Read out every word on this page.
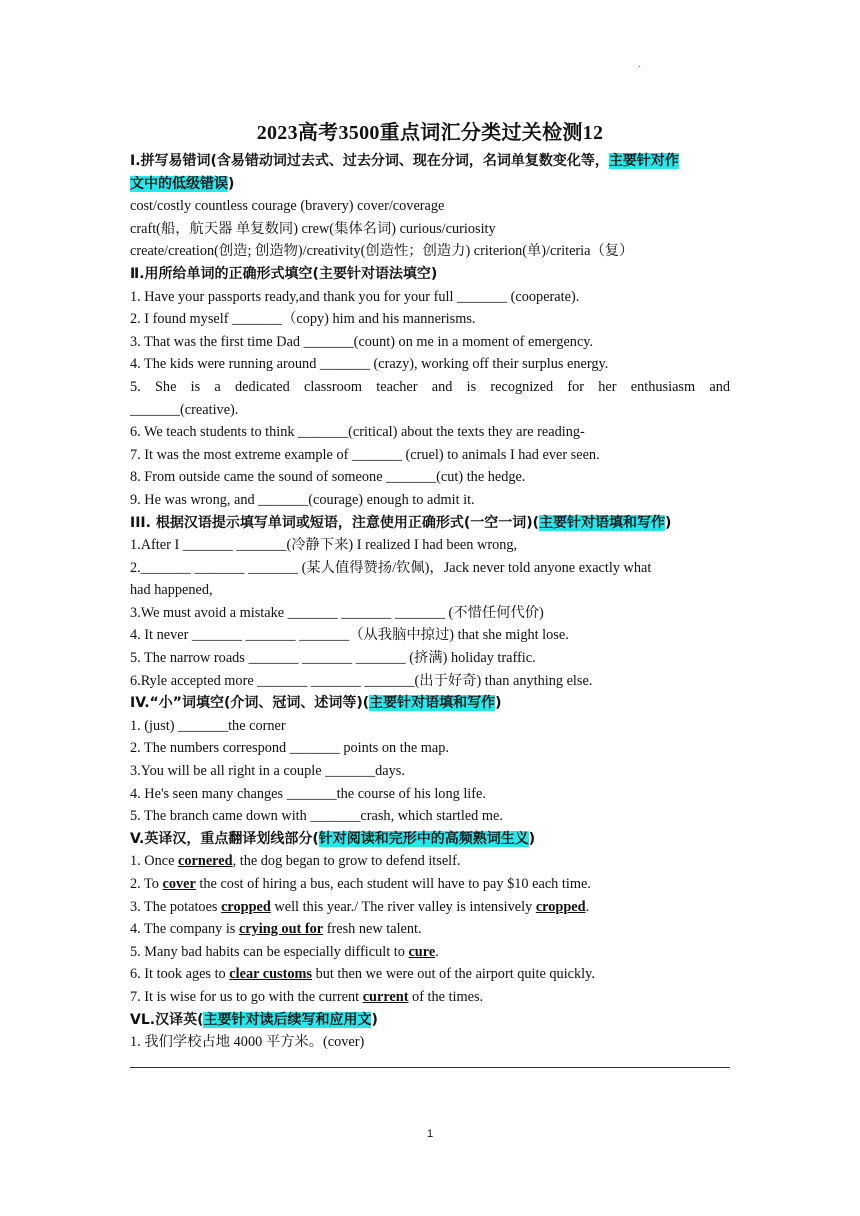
·
2023高考3500重点词汇分类过关检测12
Ⅰ.拼写易错词(含易错动词过去式、过去分词、现在分词，名词单复数变化等，主要针对作
文中的低级错误)
cost/costly countless courage (bravery) cover/coverage
craft(船，航天器 单复数同) crew(集体名词) curious/curiosity
create/creation(创造; 创造物)/creativity(创造性；创造力) criterion(单)/criteria（复）
Ⅱ.用所给单词的正确形式填空(主要针对语法填空)
1. Have your passports ready,and thank you for your full _______ (cooperate).
2. I found myself _______（copy) him and his mannerisms.
3. That was the first time Dad _______(count) on me in a moment of emergency.
4. The kids were running around _______ (crazy), working off their surplus energy.
5. She is a dedicated classroom teacher and is recognized for her enthusiasm and
_______(creative).
6. We teach students to think _______(critical) about the texts they are reading-
7. It was the most extreme example of _______ (cruel) to animals I had ever seen.
8. From outside came the sound of someone _______(cut) the hedge.
9. He was wrong, and _______(courage) enough to admit it.
III. 根据汉语提示填写单词或短语，注意使用正确形式(一空一词)(主要针对语填和写作)
1.After I _______ _______(冷静下来) I realized I had been wrong,
2._______ _______ _______ (某人值得赞扬/钦佩)，Jack never told anyone exactly what
had happened,
3.We must avoid a mistake _______ _______ _______ (不惜任何代价)
4. It never _______ _______ _______（从我脑中掠过) that she might lose.
5. The narrow roads _______ _______ _______ (挤满) holiday traffic.
6.Ryle accepted more _______ _______ _______(出于好奇) than anything else.
IV.“小”词填空(介词、冠词、述词等)(主要针对语填和写作)
1. (just) _______the corner
2. The numbers correspond _______ points on the map.
3.You will be all right in a couple _______days.
4. He's seen many changes _______the course of his long life.
5. The branch came down with _______crash, which startled me.
V.英译汉，重点翻译划线部分(针对阅读和完形中的高频熟词生义)
1. Once cornered, the dog began to grow to defend itself.
2. To cover the cost of hiring a bus, each student will have to pay $10 each time.
3. The potatoes cropped well this year./ The river valley is intensively cropped.
4. The company is crying out for fresh new talent.
5. Many bad habits can be especially difficult to cure.
6. It took ages to clear customs but then we were out of the airport quite quickly.
7. It is wise for us to go with the current current of the times.
VL.汉译英(主要针对读后续写和应用文)
1. 我们学校占地 4000 平方米。(cover)
1
